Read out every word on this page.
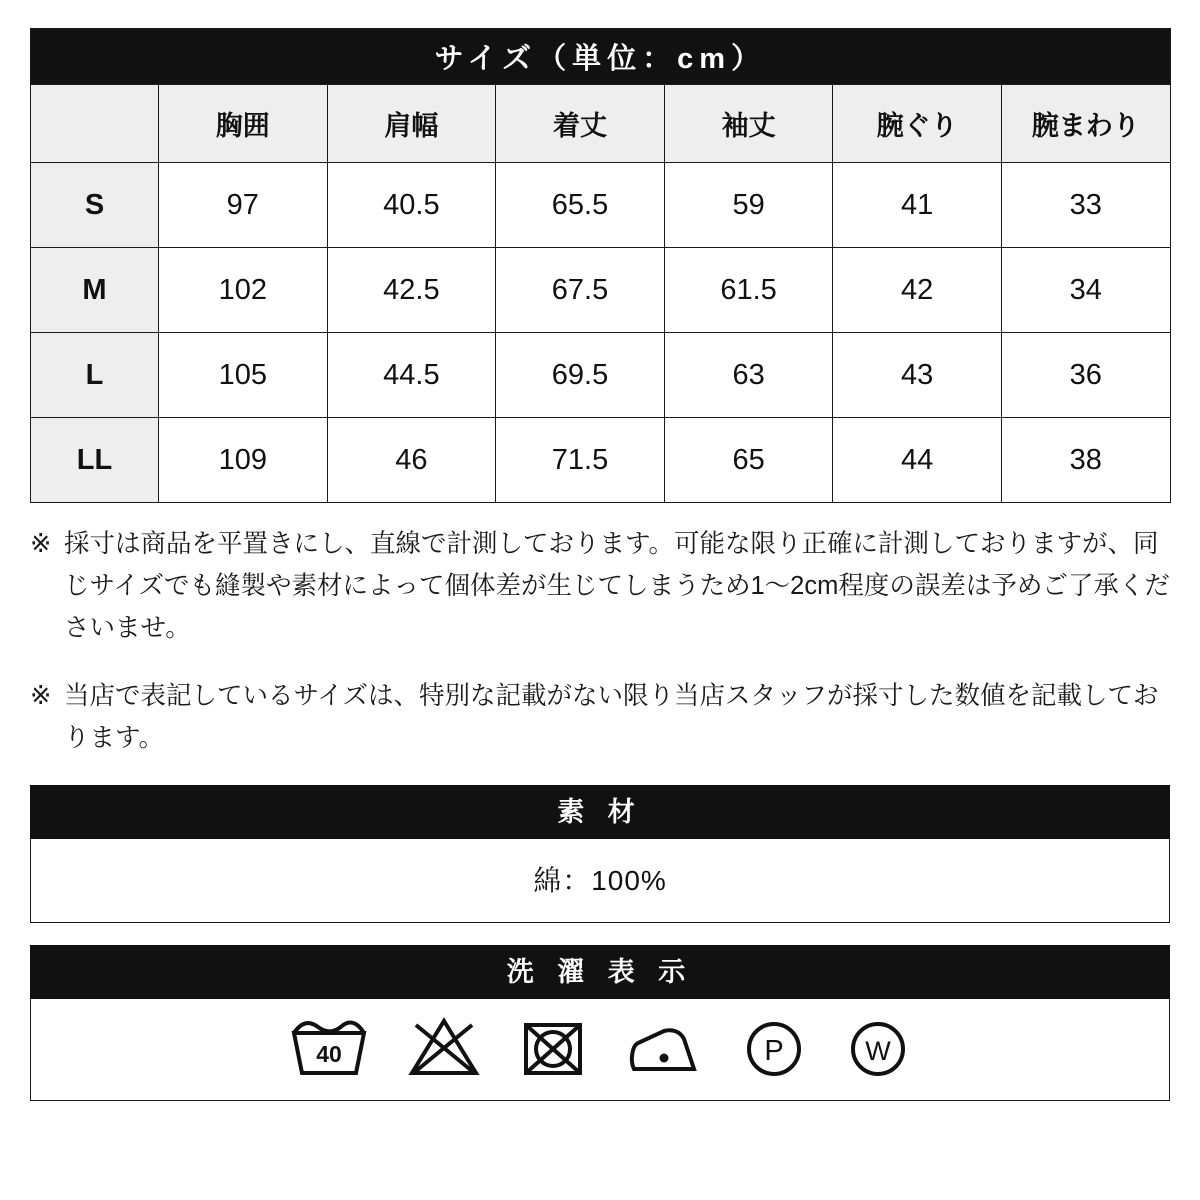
サイズ（単位：cm）						
	胸囲	肩幅	着丈	袖丈	腕ぐり	腕まわり
S	97	40.5	65.5	59	41	33
M	102	42.5	67.5	61.5	42	34
L	105	44.5	69.5	63	43	36
LL	109	46	71.5	65	44	38
※ 採寸は商品を平置きにし、直線で計測しております。可能な限り正確に計測しておりますが、同じサイズでも縫製や素材によって個体差が生じてしまうため1〜2cm程度の誤差は予めご了承くださいませ。
※ 当店で表記しているサイズは、特別な記載がない限り当店スタッフが採寸した数値を記載しております。
素 材
綿：100%
洗 濯 表 示
40	P	W
